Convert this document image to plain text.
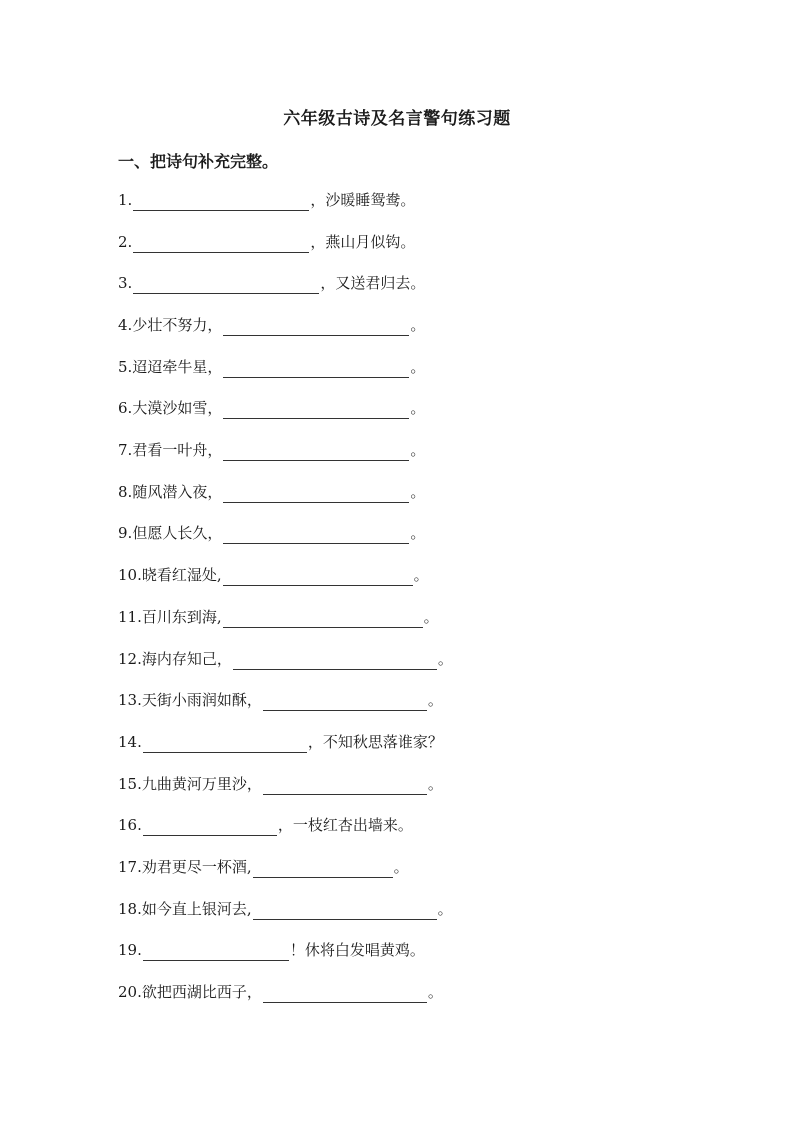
六年级古诗及名言警句练习题
一、把诗句补充完整。
1.	，沙暖睡鸳鸯。
2.	，燕山月似钩。
3.	，又送君归去。
4. 少壮不努力，	。
5. 迢迢牵牛星，	。
6. 大漠沙如雪，	。
7. 君看一叶舟，	。
8. 随风潜入夜，	。
9. 但愿人长久，	。
10. 晓看红湿处,	。
11. 百川东到海,	。
12. 海内存知己，	。
13. 天街小雨润如酥，	。
14.	，不知秋思落谁家？
15. 九曲黄河万里沙，	。
16.	，一枝红杏出墙来。
17. 劝君更尽一杯酒,	。
18. 如今直上银河去,	。
19.	！休将白发唱黄鸡。
20. 欲把西湖比西子，	。
